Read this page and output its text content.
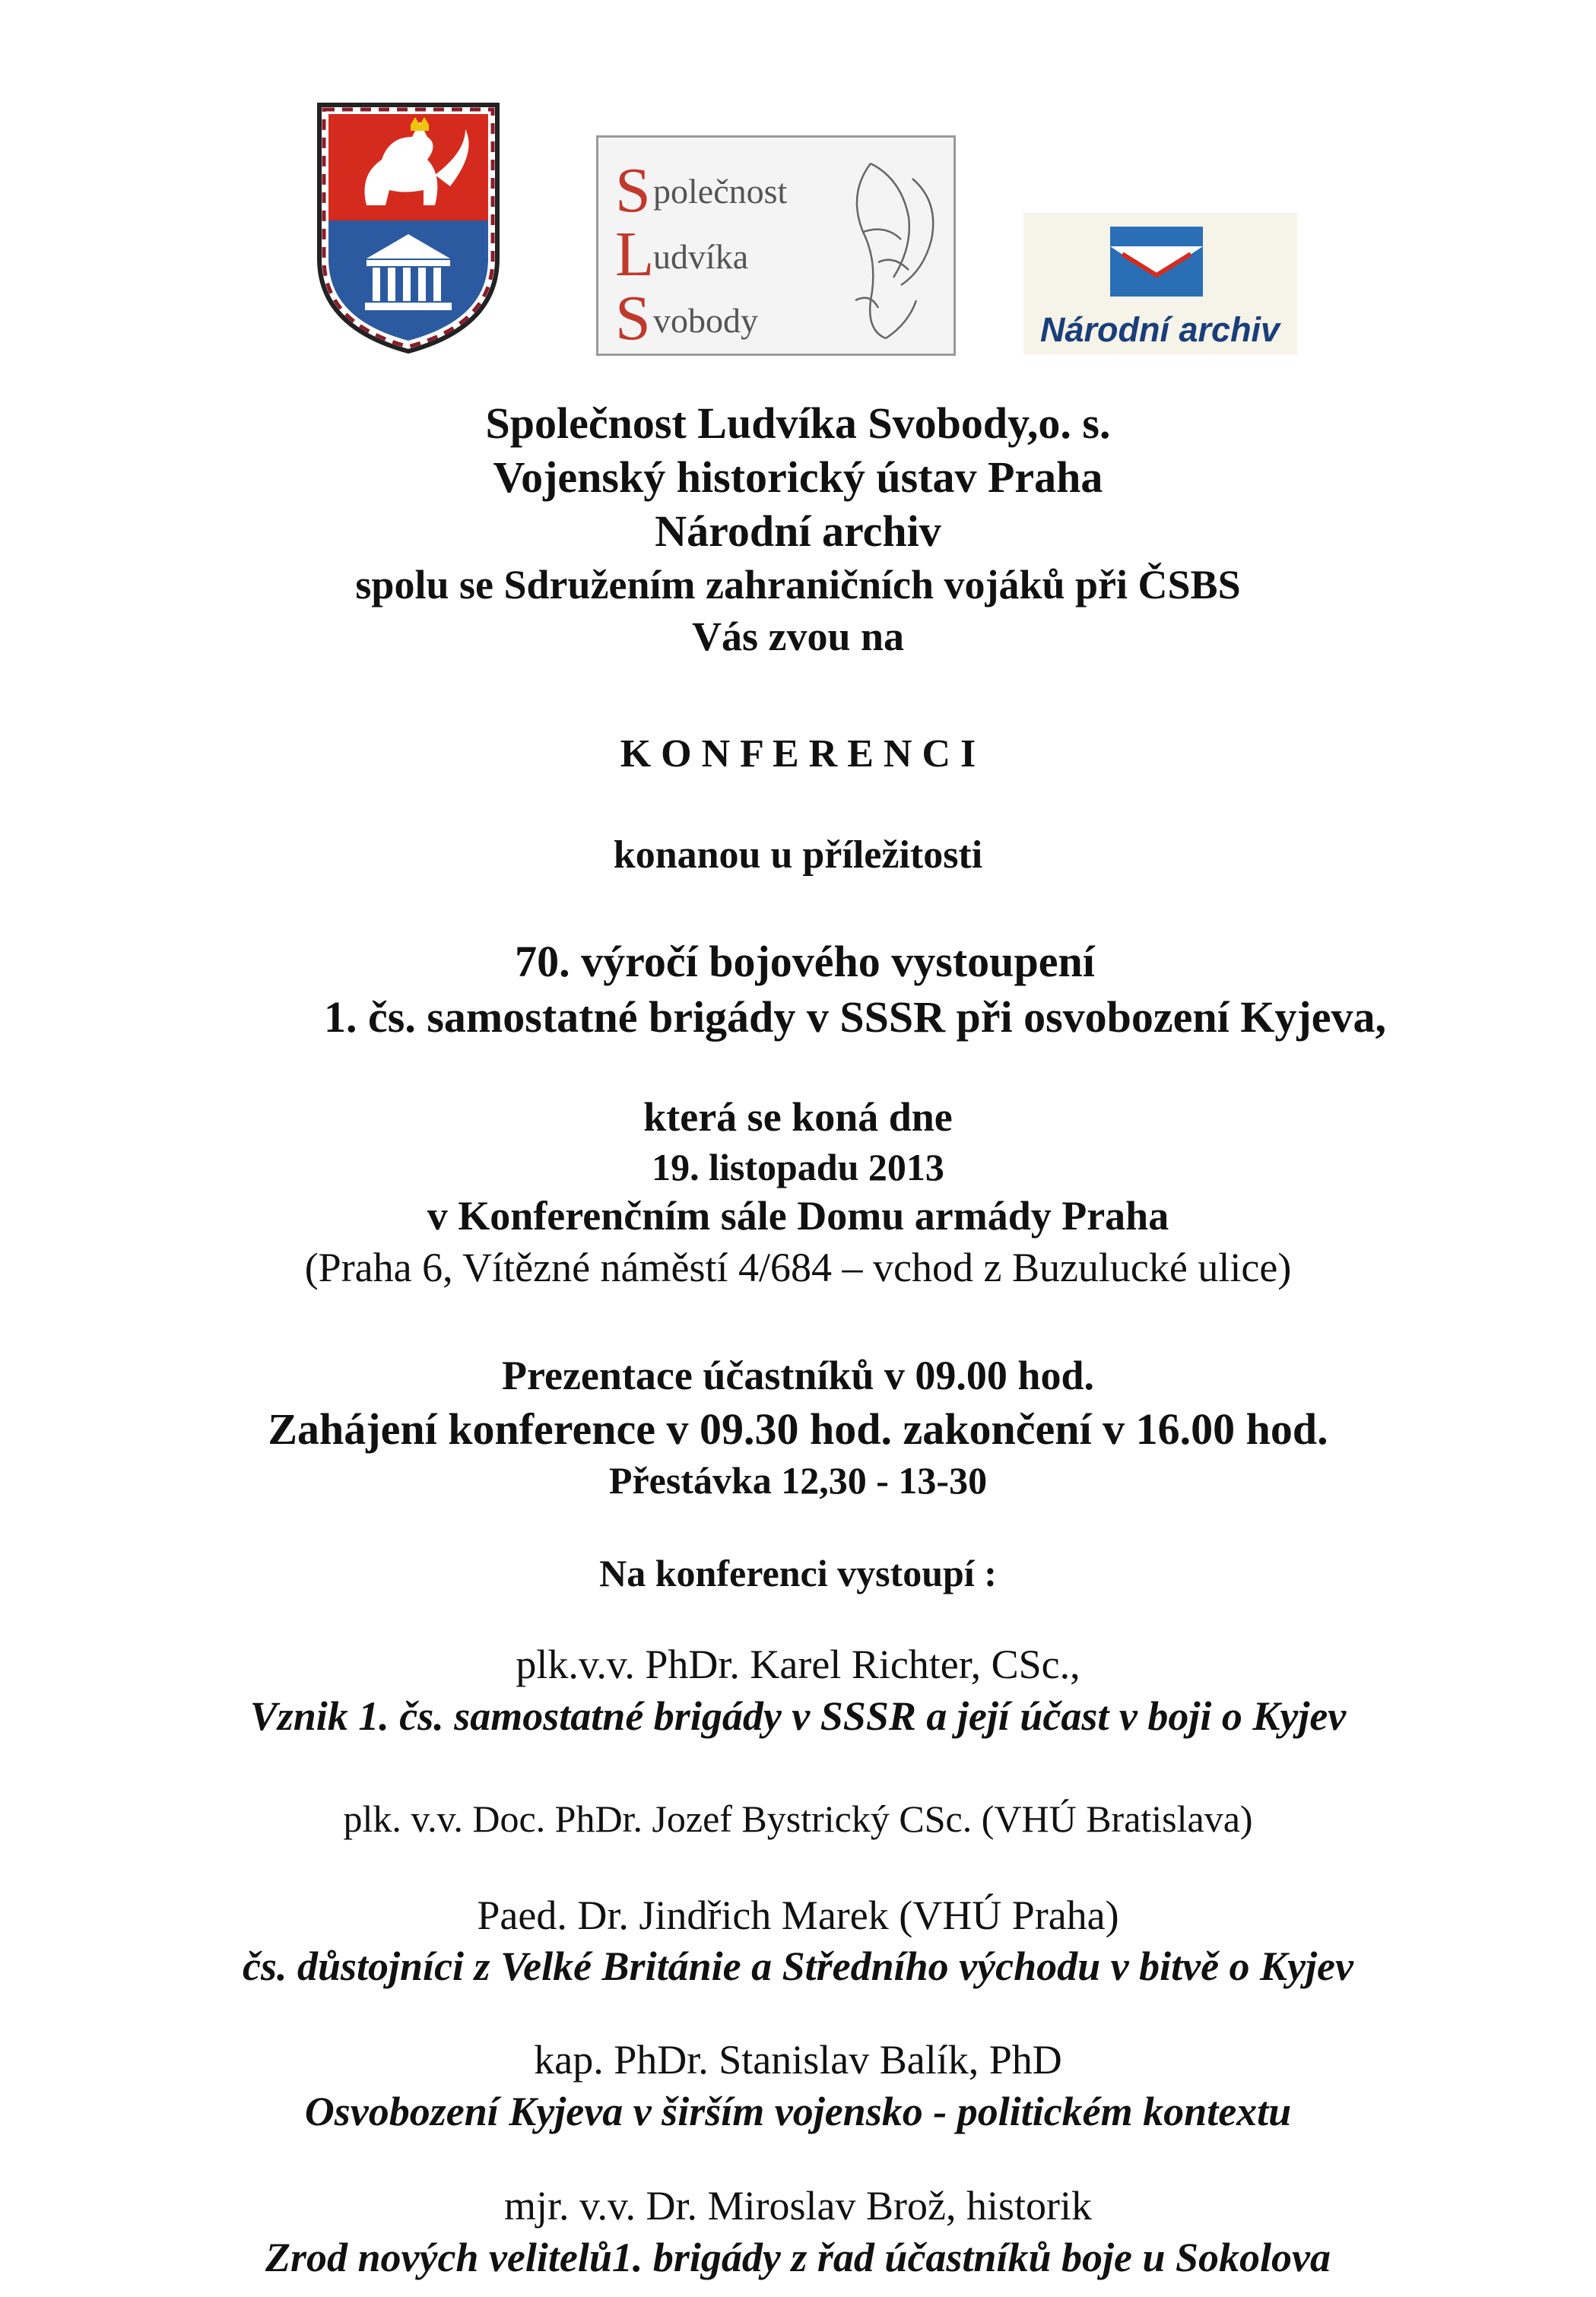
S
L
S
polečnost
udvíka
vobody	Národní archiv
Společnost Ludvíka Svobody,o. s.
Vojenský historický ústav Praha
Národní archiv
spolu se Sdružením zahraničních vojáků při ČSBS
Vás zvou na
K O N F E R E N C I
konanou u příležitosti
70. výročí bojového vystoupení
1. čs. samostatné brigády v SSSR při osvobození Kyjeva,
která se koná dne
19. listopadu 2013
v Konferenčním sále Domu armády Praha
(Praha 6, Vítězné náměstí 4/684 – vchod z Buzulucké ulice)
Prezentace účastníků v 09.00 hod.
Zahájení konference v 09.30 hod. zakončení v 16.00 hod.
Přestávka 12,30 - 13-30
Na konferenci vystoupí :
plk.v.v. PhDr. Karel Richter, CSc.,
Vznik 1. čs. samostatné brigády v SSSR a její účast v boji o Kyjev
plk. v.v. Doc. PhDr. Jozef Bystrický CSc. (VHÚ Bratislava)
Paed. Dr. Jindřich Marek (VHÚ Praha)
čs. důstojníci z Velké Británie a Středního východu v bitvě o Kyjev
kap. PhDr. Stanislav Balík, PhD
Osvobození Kyjeva v širším vojensko - politickém kontextu
mjr. v.v. Dr. Miroslav Brož, historik
Zrod nových velitelů1. brigády z řad účastníků boje u Sokolova
